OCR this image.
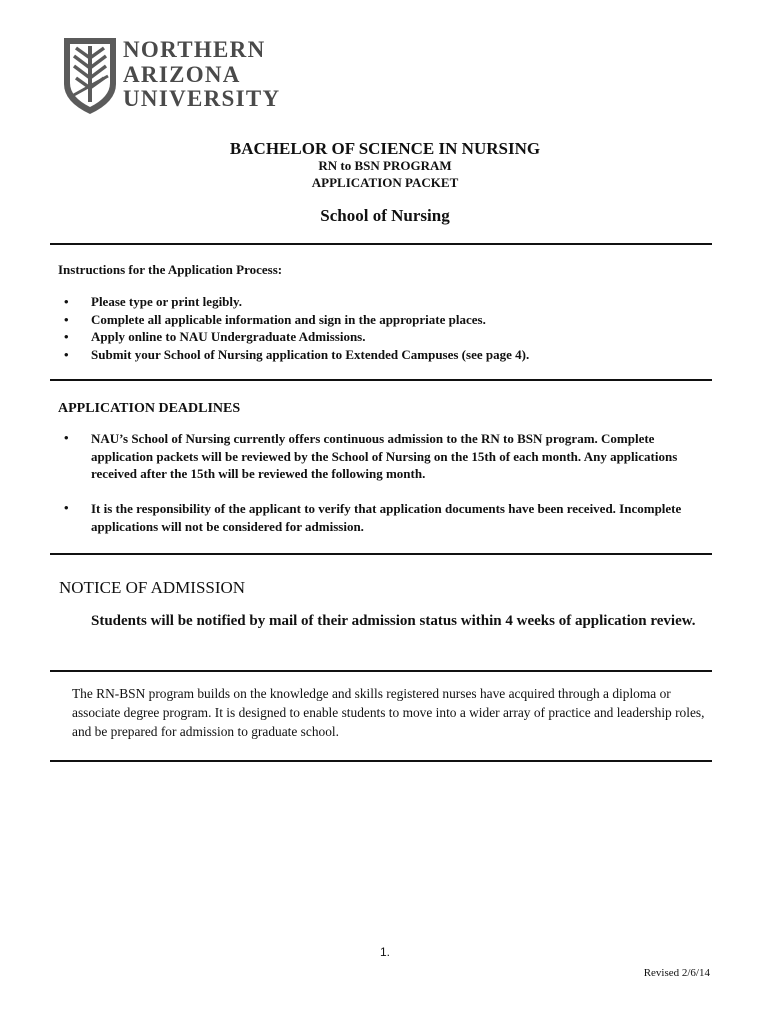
NORTHERN
ARIZONA
UNIVERSITY
BACHELOR OF SCIENCE IN NURSING
RN to BSN PROGRAM
APPLICATION PACKET
School of Nursing
Instructions for the Application Process:
• Please type or print legibly.
• Complete all applicable information and sign in the appropriate places.
• Apply online to NAU Undergraduate Admissions.
• Submit your School of Nursing application to Extended Campuses (see page 4).
APPLICATION DEADLINES
• NAU’s School of Nursing currently offers continuous admission to the RN to BSN program. Complete application packets will be reviewed by the School of Nursing on the 15th of each month. Any applications received after the 15th will be reviewed the following month.
• It is the responsibility of the applicant to verify that application documents have been received. Incomplete applications will not be considered for admission.
NOTICE OF ADMISSION
Students will be notified by mail of their admission status within 4 weeks of application review.
The RN-BSN program builds on the knowledge and skills registered nurses have acquired through a diploma or associate degree program. It is designed to enable students to move into a wider array of practice and leadership roles, and be prepared for admission to graduate school.
1.
Revised 2/6/14
